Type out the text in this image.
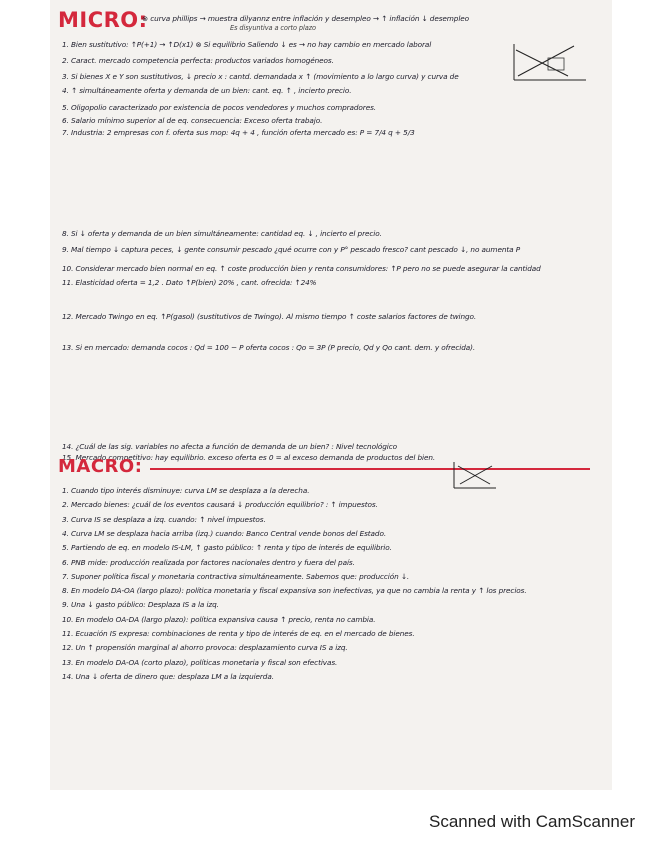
MICRO:
⊗ curva phillips → muestra dilyannz entre inflación y desempleo → ↑ inflación ↓ desempleo
Es disyuntiva a corto plazo
1. Bien sustitutivo: ↑P(+1) → ↑D(x1) ⊗ Si equilibrio Saliendo ↓ es → no hay cambio en mercado laboral
2. Caract. mercado competencia perfecta: productos variados homogéneos.
3. Si bienes X e Y son sustitutivos, ↓ precio x : cantd. demandada x ↑ (movimiento a lo largo curva) y curva de
4. ↑ simultáneamente oferta y demanda de un bien: cant. eq. ↑ , incierto precio.
5. Oligopolio caracterizado por existencia de pocos vendedores y muchos compradores.
6. Salario mínimo superior al de eq. consecuencia: Exceso oferta trabajo.
7. Industria: 2 empresas con f. oferta sus mop: 4q + 4 , función oferta mercado es: P = 7/4 q + 5/3
8. Si ↓ oferta y demanda de un bien simultáneamente: cantidad eq. ↓ , incierto el precio.
9. Mal tiempo ↓ captura peces, ↓ gente consumir pescado ¿qué ocurre con y P° pescado fresco? cant pescado ↓, no aumenta P
10. Considerar mercado bien normal en eq. ↑ coste producción bien y renta consumidores: ↑P pero no se puede asegurar la cantidad
11. Elasticidad oferta = 1,2 . Dato ↑P(bien) 20% , cant. ofrecida: ↑24%
12. Mercado Twingo en eq. ↑P(gasol) (sustitutivos de Twingo). Al mismo tiempo ↑ coste salarios factores de twingo.
13. Si en mercado: demanda cocos : Qd = 100 − P oferta cocos : Qo = 3P (P precio, Qd y Qo cant. dem. y ofrecida).
14. ¿Cuál de las sig. variables no afecta a función de demanda de un bien? : Nivel tecnológico
15. Mercado competitivo: hay equilibrio. exceso oferta es 0 = al exceso demanda de productos del bien.
MACRO:
1. Cuando tipo interés disminuye: curva LM se desplaza a la derecha.
2. Mercado bienes: ¿cuál de los eventos causará ↓ producción equilibrio? : ↑ impuestos.
3. Curva IS se desplaza a izq. cuando: ↑ nivel impuestos.
4. Curva LM se desplaza hacia arriba (izq.) cuando: Banco Central vende bonos del Estado.
5. Partiendo de eq. en modelo IS-LM, ↑ gasto público: ↑ renta y tipo de interés de equilibrio.
6. PNB mide: producción realizada por factores nacionales dentro y fuera del país.
7. Suponer política fiscal y monetaria contractiva simultáneamente. Sabemos que: producción ↓.
8. En modelo DA-OA (largo plazo): política monetaria y fiscal expansiva son inefectivas, ya que no cambia la renta y ↑ los precios.
9. Una ↓ gasto público: Desplaza IS a la izq.
10. En modelo OA-DA (largo plazo): política expansiva causa ↑ precio, renta no cambia.
11. Ecuación IS expresa: combinaciones de renta y tipo de interés de eq. en el mercado de bienes.
12. Un ↑ propensión marginal al ahorro provoca: desplazamiento curva IS a izq.
13. En modelo DA-OA (corto plazo), políticas monetaria y fiscal son efectivas.
14. Una ↓ oferta de dinero que: desplaza LM a la izquierda.
Scanned with CamScanner
